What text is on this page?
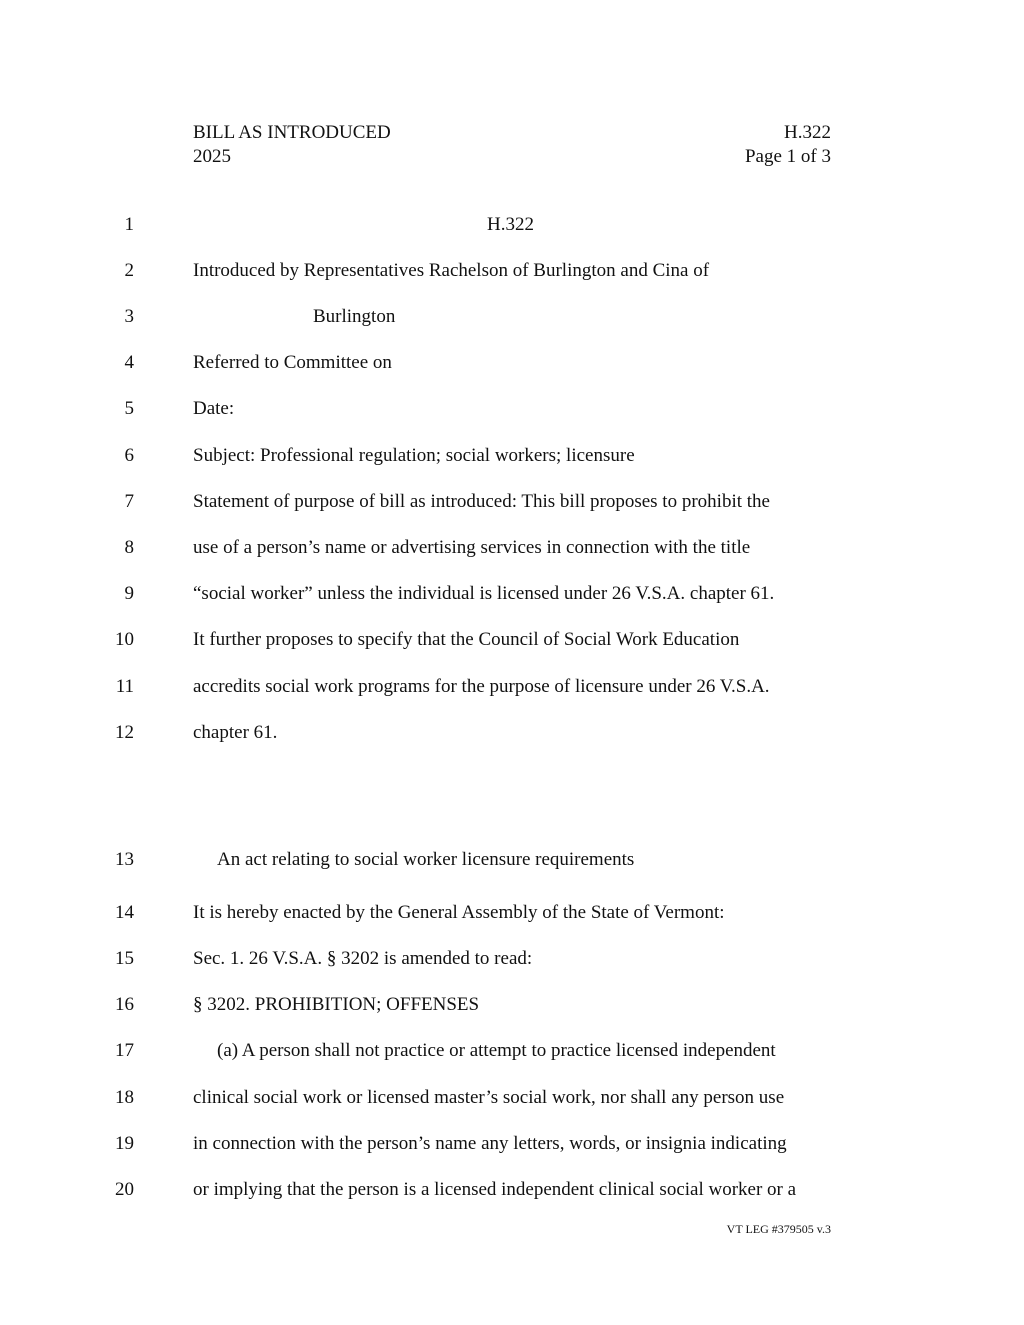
BILL AS INTRODUCED
2025
H.322
Page 1 of 3
1	H.322
2	Introduced by Representatives Rachelson of Burlington and Cina of
3	Burlington
4	Referred to Committee on
5	Date:
6	Subject: Professional regulation; social workers; licensure
7	Statement of purpose of bill as introduced: This bill proposes to prohibit the
8	use of a person’s name or advertising services in connection with the title
9	“social worker” unless the individual is licensed under 26 V.S.A. chapter 61.
10	It further proposes to specify that the Council of Social Work Education
11	accredits social work programs for the purpose of licensure under 26 V.S.A.
12	chapter 61.
13	An act relating to social worker licensure requirements
14	It is hereby enacted by the General Assembly of the State of Vermont:
15	Sec. 1. 26 V.S.A. § 3202 is amended to read:
16	§ 3202. PROHIBITION; OFFENSES
17	(a) A person shall not practice or attempt to practice licensed independent
18	clinical social work or licensed master’s social work, nor shall any person use
19	in connection with the person’s name any letters, words, or insignia indicating
20	or implying that the person is a licensed independent clinical social worker or a
VT LEG #379505 v.3
